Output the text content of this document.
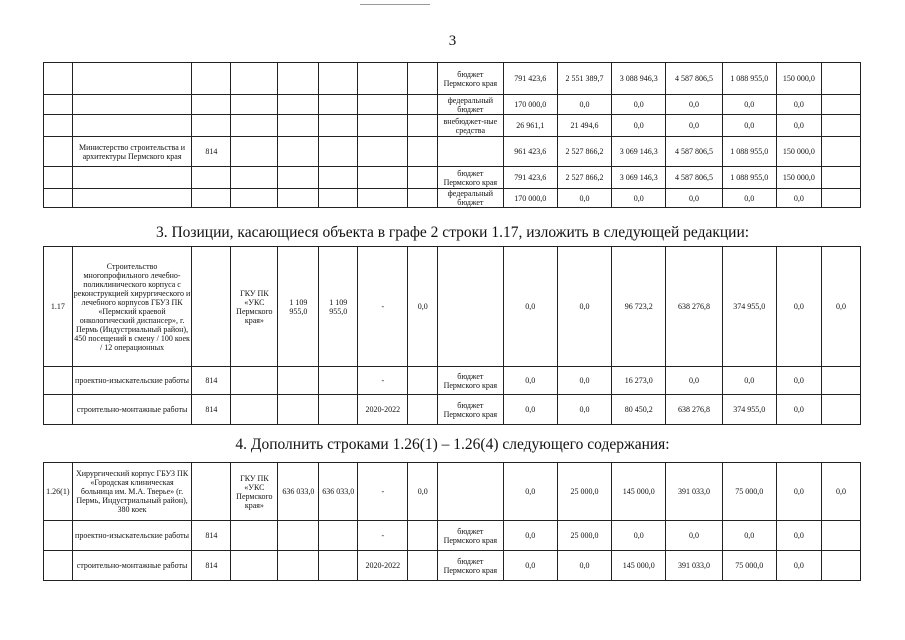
3
								бюджет Пермского края	791 423,6	2 551 389,7	3 088 946,3	4 587 806,5	1 088 955,0	150 000,0	
								федеральный бюджет	170 000,0	0,0	0,0	0,0	0,0	0,0	
								внебюджет-ные средства	26 961,1	21 494,6	0,0	0,0	0,0	0,0	
	Министерство строительства и архитектуры Пермского края	814							961 423,6	2 527 866,2	3 069 146,3	4 587 806,5	1 088 955,0	150 000,0	
								бюджет Пермского края	791 423,6	2 527 866,2	3 069 146,3	4 587 806,5	1 088 955,0	150 000,0	
								федеральный бюджет	170 000,0	0,0	0,0	0,0	0,0	0,0	
3. Позиции, касающиеся объекта в графе 2 строки 1.17, изложить в следующей редакции:
1.17	Строительство многопрофильного лечебно-поликлинического корпуса с реконструкцией хирургического и лечебного корпусов ГБУЗ ПК «Пермский краевой онкологический диспансер», г. Пермь (Индустриальный район), 450 посещений в смену / 100 коек / 12 операционных		ГКУ ПК «УКС Пермского края»	1 109 955,0	1 109 955,0	-	0,0		0,0	0,0	96 723,2	638 276,8	374 955,0	0,0	0,0
	проектно-изыскательские работы	814				-		бюджет Пермского края	0,0	0,0	16 273,0	0,0	0,0	0,0	
	строительно-монтажные работы	814				2020-2022		бюджет Пермского края	0,0	0,0	80 450,2	638 276,8	374 955,0	0,0	
4. Дополнить строками 1.26(1) – 1.26(4) следующего содержания:
1.26(1)	Хирургический корпус ГБУЗ ПК «Городская клиническая больница им. М.А. Тверье» (г. Пермь, Индустриальный район), 380 коек		ГКУ ПК «УКС Пермского края»	636 033,0	636 033,0	-	0,0		0,0	25 000,0	145 000,0	391 033,0	75 000,0	0,0	0,0
	проектно-изыскательские работы	814				-		бюджет Пермского края	0,0	25 000,0	0,0	0,0	0,0	0,0	
	строительно-монтажные работы	814				2020-2022		бюджет Пермского края	0,0	0,0	145 000,0	391 033,0	75 000,0	0,0	
